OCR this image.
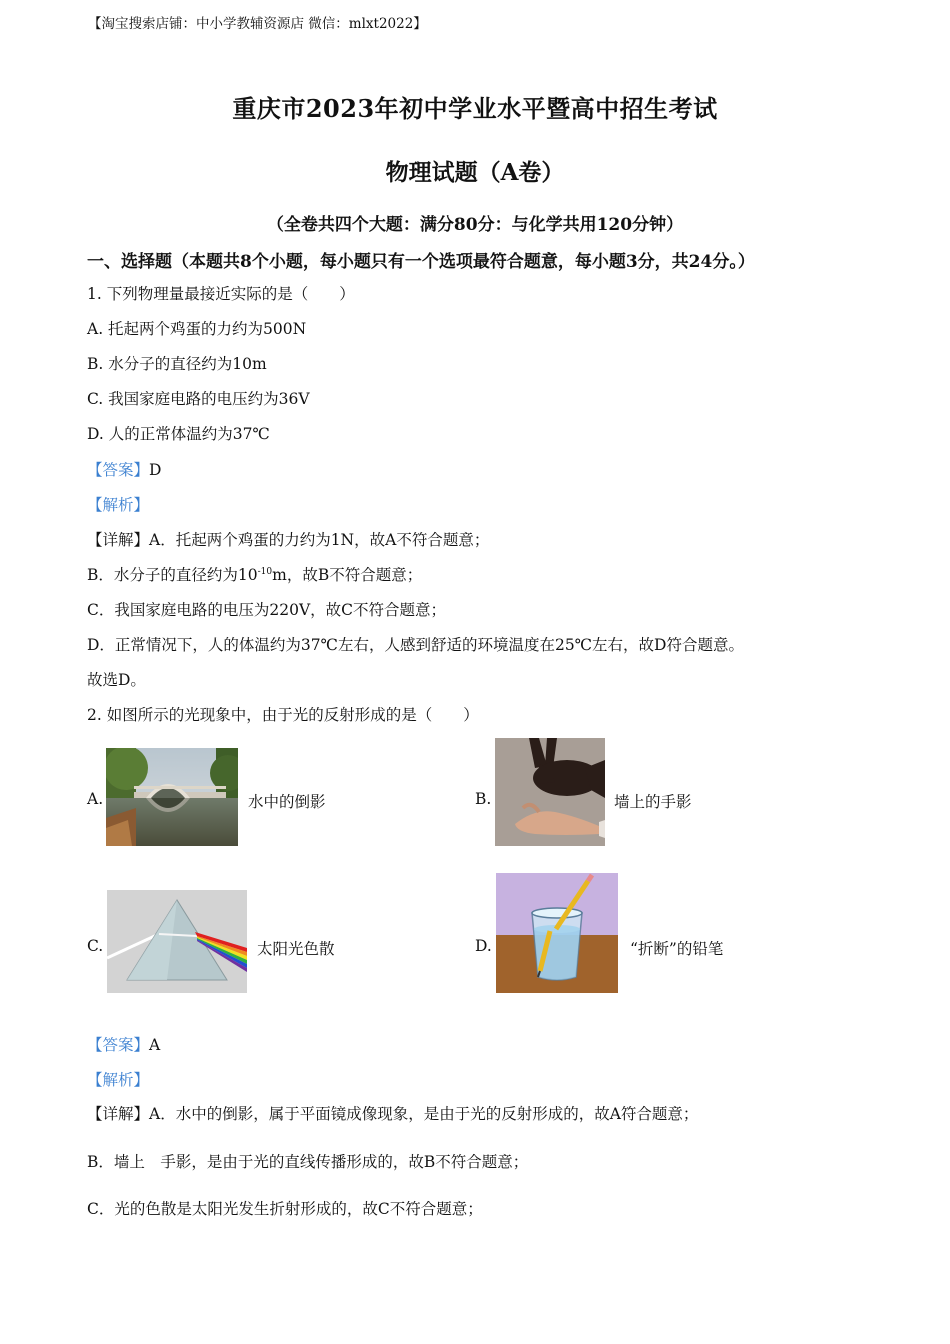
【淘宝搜索店铺：中小学教辅资源店 微信：mlxt2022】
重庆市2023年初中学业水平暨高中招生考试
物理试题（A卷）
（全卷共四个大题：满分80分：与化学共用120分钟）
一、选择题（本题共8个小题，每小题只有一个选项最符合题意，每小题3分，共24分。）
1. 下列物理量最接近实际的是（　　）
A. 托起两个鸡蛋的力约为500N
B. 水分子的直径约为10m
C. 我国家庭电路的电压约为36V
D. 人的正常体温约为37℃
【答案】D
【解析】
【详解】A．托起两个鸡蛋的力约为1N，故A不符合题意；
B．水分子的直径约为$10^{-10}m$，故B不符合题意；
C．我国家庭电路的电压为220V，故C不符合题意；
D．正常情况下，人的体温约为37℃左右，人感到舒适的环境温度在25℃左右，故D符合题意。
故选D。
2. 如图所示的光现象中，由于光的反射形成的是（　　）
A.	水中的倒影	B.	墙上的手影
C.	太阳光色散	D.	“折断”的铅笔
【答案】A
【解析】
【详解】A．水中的倒影，属于平面镜成像现象，是由于光的反射形成的，故A符合题意；
B．墙上　手影，是由于光的直线传播形成的，故B不符合题意；
C．光的色散是太阳光发生折射形成的，故C不符合题意；
